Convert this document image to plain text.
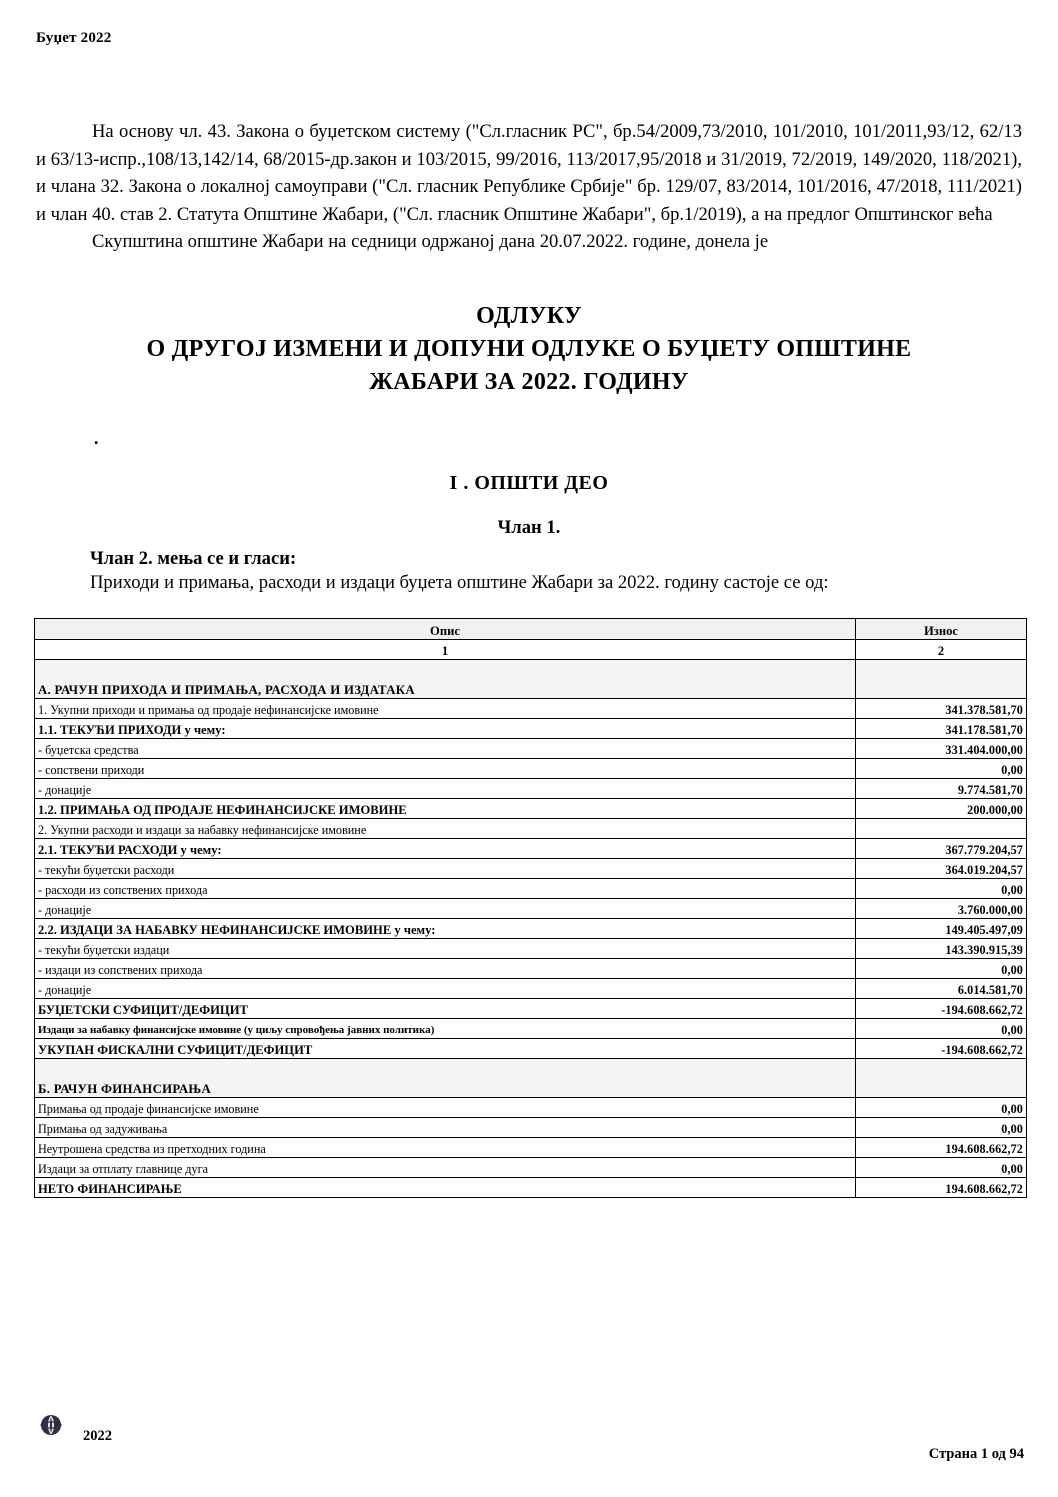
Буџет 2022

На основу чл. 43. Закона о буџетском систему ("Сл.гласник РС", бр.54/2009,73/2010, 101/2010, 101/2011,93/12, 62/13 и 63/13-испр.,108/13,142/14, 68/2015-др.закон и 103/2015, 99/2016, 113/2017,95/2018 и 31/2019, 72/2019, 149/2020, 118/2021), и члана 32. Закона о локалној самоуправи ("Сл. гласник Републике Србије" бр. 129/07, 83/2014, 101/2016, 47/2018, 111/2021) и члан 40. став 2. Статута Општине Жабари, ("Сл. гласник Општине Жабари", бр.1/2019), а на предлог Општинског већа

Скупштина општине Жабари на седници одржаној дана 20.07.2022. године, донела је

ОДЛУКУ
О ДРУГОЈ ИЗМЕНИ И ДОПУНИ ОДЛУКЕ О БУЏЕТУ ОПШТИНЕ
ЖАБАРИ ЗА 2022. ГОДИНУ
.
I . ОПШТИ ДЕО
Члан 1.
Члан 2. мења се и гласи:
Приходи и примања, расходи и издаци буџета општине Жабари за 2022. годину састоје се од:
Опис	Износ
1	2
А. РАЧУН ПРИХОДА И ПРИМАЊА, РАСХОДА И ИЗДАТАКА	
1. Укупни приходи и примања од продаје нефинансијске имовине	341.378.581,70
1.1. ТЕКУЋИ ПРИХОДИ у чему:	341.178.581,70
- буџетска средства	331.404.000,00
- сопствени приходи	0,00
- донације	9.774.581,70
1.2. ПРИМАЊА ОД ПРОДАЈЕ НЕФИНАНСИЈСКЕ ИМОВИНЕ	200.000,00
2. Укупни расходи и издаци за набавку нефинансијске имовине	
2.1. ТЕКУЋИ РАСХОДИ у чему:	367.779.204,57
- текући буџетски расходи	364.019.204,57
- расходи из сопствених прихода	0,00
- донације	3.760.000,00
2.2. ИЗДАЦИ ЗА НАБАВКУ НЕФИНАНСИЈСКЕ ИМОВИНЕ у чему:	149.405.497,09
- текући буџетски издаци	143.390.915,39
- издаци из сопствених прихода	0,00
- донације	6.014.581,70
БУЏЕТСКИ СУФИЦИТ/ДЕФИЦИТ	-194.608.662,72
Издаци за набавку финансијске имовине (у циљу спровођења јавних политика)	0,00
УКУПАН ФИСКАЛНИ СУФИЦИТ/ДЕФИЦИТ	-194.608.662,72
Б. РАЧУН ФИНАНСИРАЊА	
Примања од продаје финансијске имовине	0,00
Примања од задуживања	0,00
Неутрошена средства из претходних година	194.608.662,72
Издаци за отплату главнице дуга	0,00
НЕТО ФИНАНСИРАЊЕ	194.608.662,72
2022
Страна 1 од 94
